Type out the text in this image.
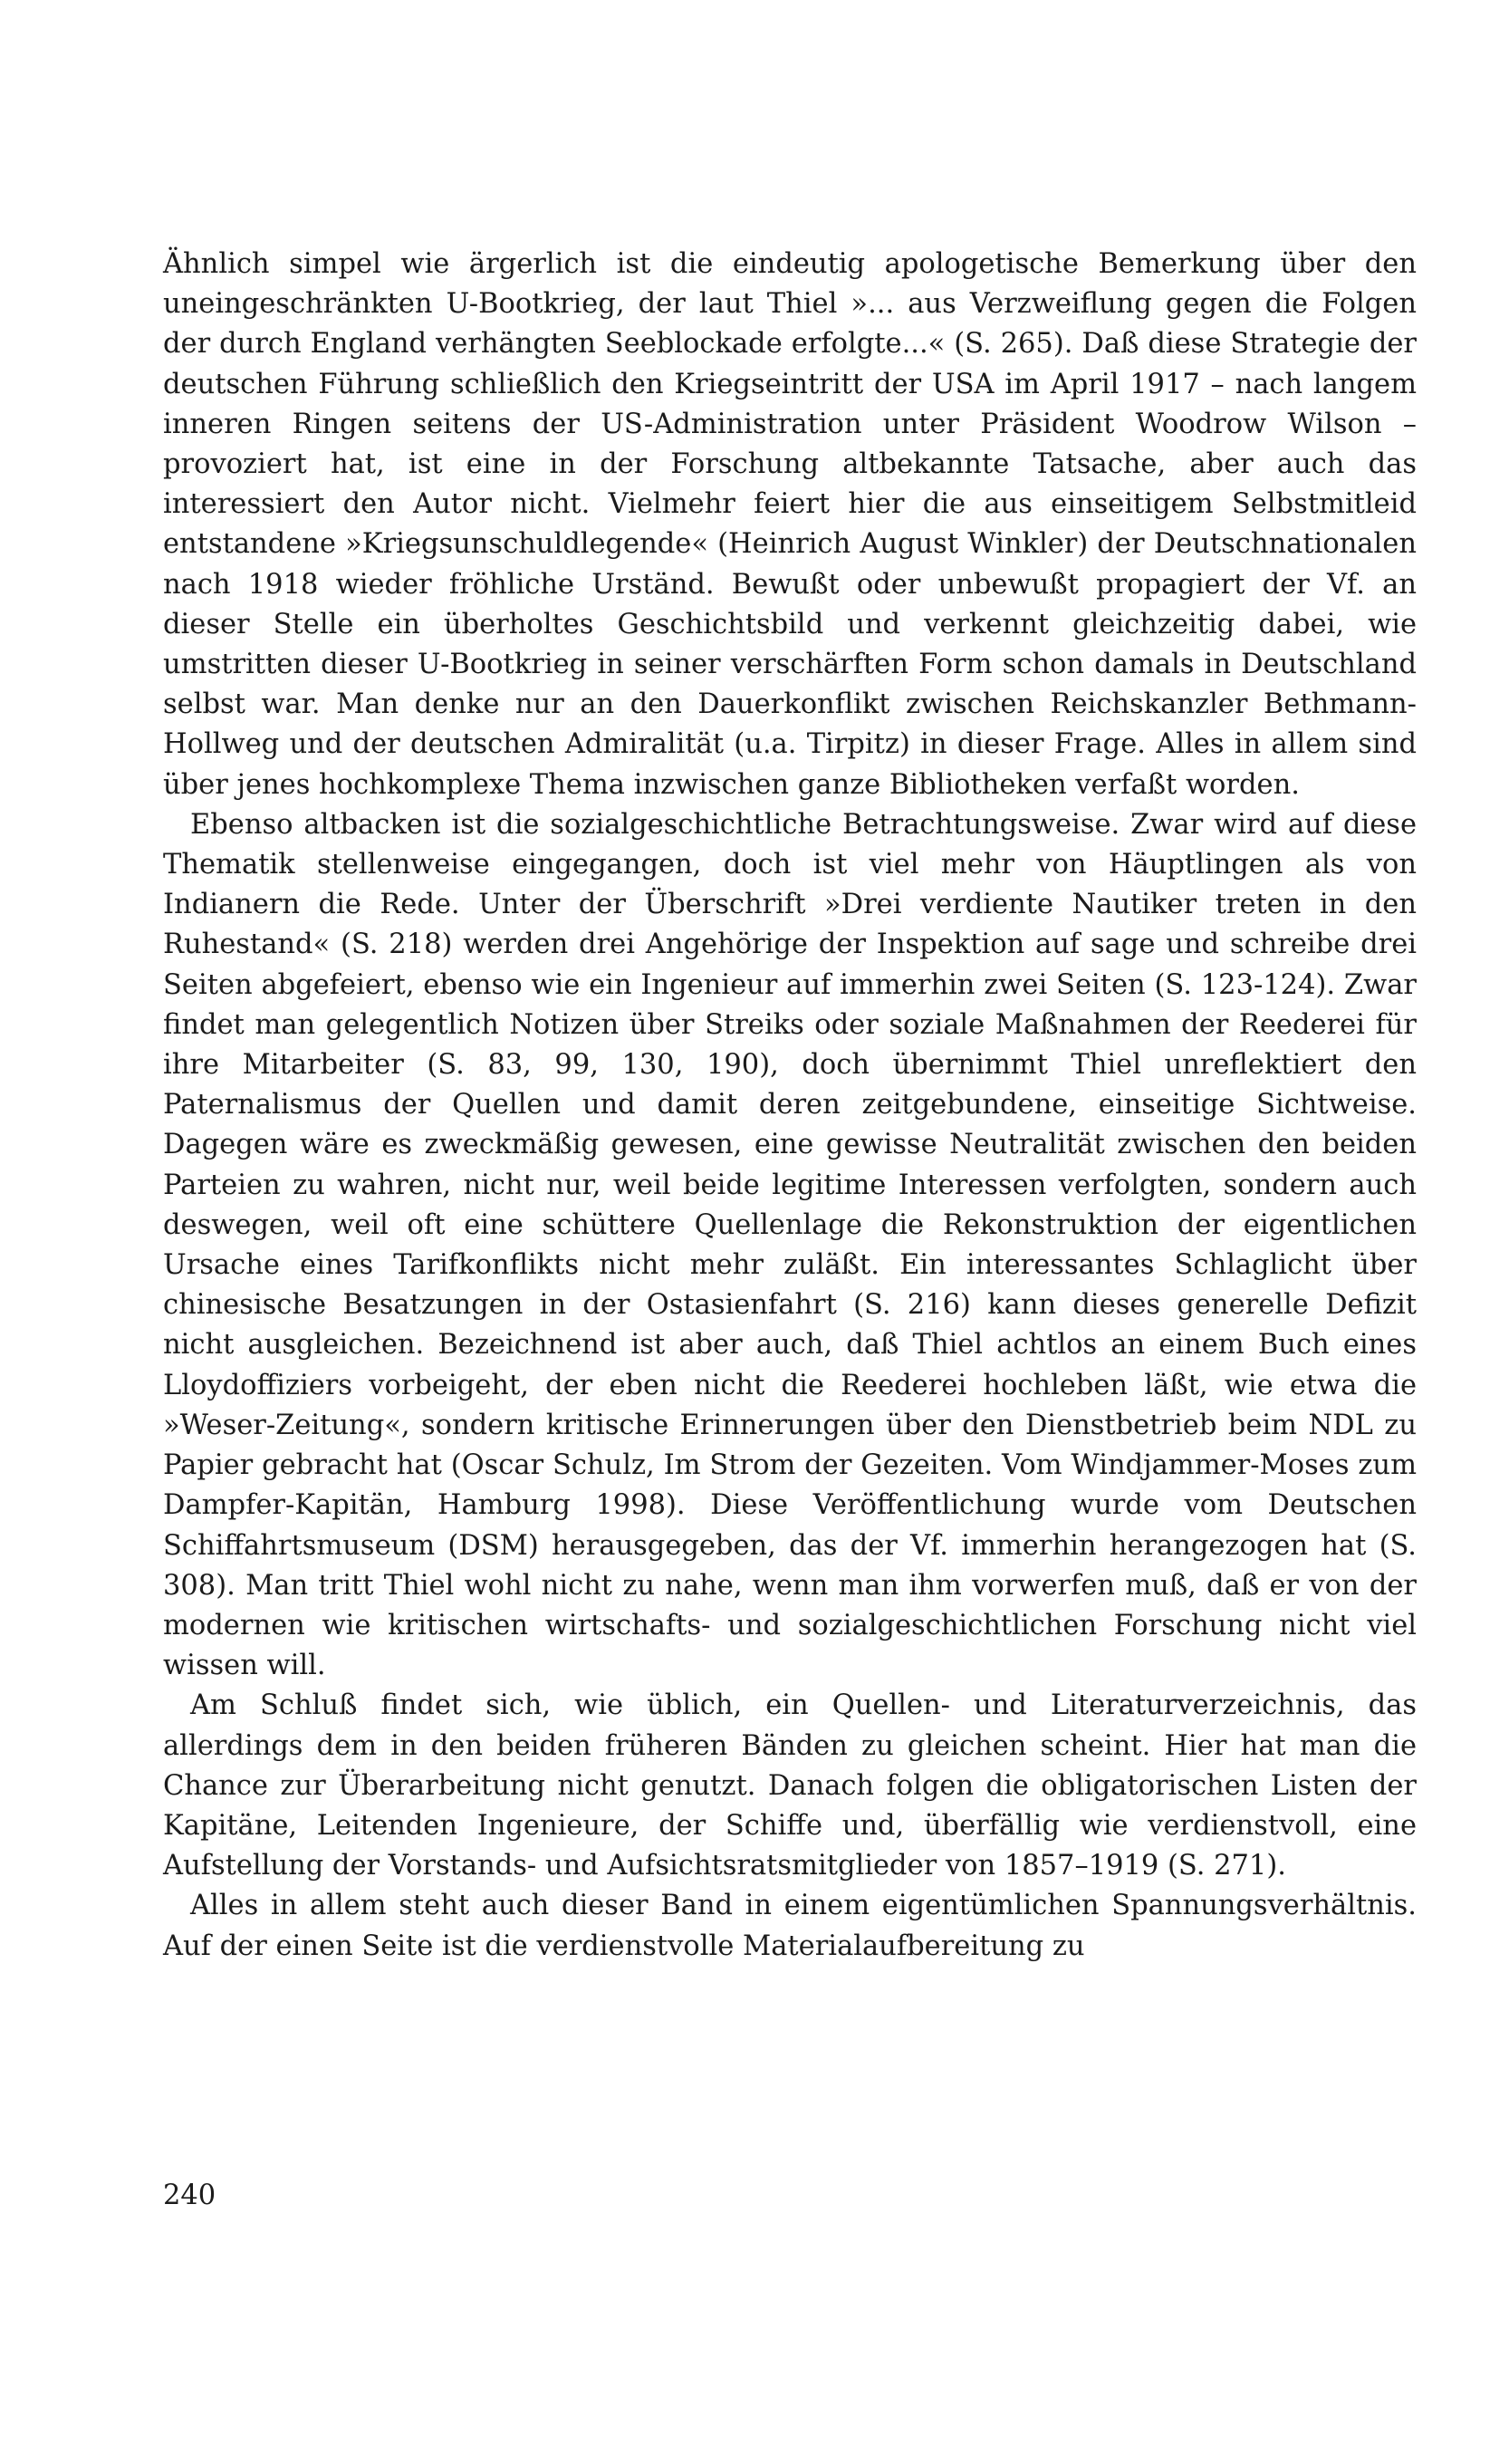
Ähnlich simpel wie ärgerlich ist die eindeutig apologetische Bemerkung über den uneingeschränkten U-Bootkrieg, der laut Thiel »... aus Verzweiflung gegen die Folgen der durch England verhängten Seeblockade erfolgte...« (S. 265). Daß diese Strategie der deutschen Führung schließlich den Kriegseintritt der USA im April 1917 – nach langem inneren Ringen seitens der US-Administration unter Präsident Woodrow Wilson – provoziert hat, ist eine in der Forschung altbekannte Tatsache, aber auch das interessiert den Autor nicht. Vielmehr feiert hier die aus einseitigem Selbstmitleid entstandene »Kriegsunschuldlegende« (Heinrich August Winkler) der Deutschnationalen nach 1918 wieder fröhliche Urständ. Bewußt oder unbewußt propagiert der Vf. an dieser Stelle ein überholtes Geschichtsbild und verkennt gleichzeitig dabei, wie umstritten dieser U-Bootkrieg in seiner verschärften Form schon damals in Deutschland selbst war. Man denke nur an den Dauerkonflikt zwischen Reichskanzler Bethmann-Hollweg und der deutschen Admiralität (u.a. Tirpitz) in dieser Frage. Alles in allem sind über jenes hochkomplexe Thema inzwischen ganze Bibliotheken verfaßt worden.

Ebenso altbacken ist die sozialgeschichtliche Betrachtungsweise. Zwar wird auf diese Thematik stellenweise eingegangen, doch ist viel mehr von Häuptlingen als von Indianern die Rede. Unter der Überschrift »Drei verdiente Nautiker treten in den Ruhestand« (S. 218) werden drei Angehörige der Inspektion auf sage und schreibe drei Seiten abgefeiert, ebenso wie ein Ingenieur auf immerhin zwei Seiten (S. 123-124). Zwar findet man gelegentlich Notizen über Streiks oder soziale Maßnahmen der Reederei für ihre Mitarbeiter (S. 83, 99, 130, 190), doch übernimmt Thiel unreflektiert den Paternalismus der Quellen und damit deren zeitgebundene, einseitige Sichtweise. Dagegen wäre es zweckmäßig gewesen, eine gewisse Neutralität zwischen den beiden Parteien zu wahren, nicht nur, weil beide legitime Interessen verfolgten, sondern auch deswegen, weil oft eine schüttere Quellenlage die Rekonstruktion der eigentlichen Ursache eines Tarifkonflikts nicht mehr zuläßt. Ein interessantes Schlaglicht über chinesische Besatzungen in der Ostasienfahrt (S. 216) kann dieses generelle Defizit nicht ausgleichen. Bezeichnend ist aber auch, daß Thiel achtlos an einem Buch eines Lloydoffiziers vorbeigeht, der eben nicht die Reederei hochleben läßt, wie etwa die »Weser-Zeitung«, sondern kritische Erinnerungen über den Dienstbetrieb beim NDL zu Papier gebracht hat (Oscar Schulz, Im Strom der Gezeiten. Vom Windjammer-Moses zum Dampfer-Kapitän, Hamburg 1998). Diese Veröffentlichung wurde vom Deutschen Schiffahrtsmuseum (DSM) herausgegeben, das der Vf. immerhin herangezogen hat (S. 308). Man tritt Thiel wohl nicht zu nahe, wenn man ihm vorwerfen muß, daß er von der modernen wie kritischen wirtschafts- und sozialgeschichtlichen Forschung nicht viel wissen will.

Am Schluß findet sich, wie üblich, ein Quellen- und Literaturverzeichnis, das allerdings dem in den beiden früheren Bänden zu gleichen scheint. Hier hat man die Chance zur Überarbeitung nicht genutzt. Danach folgen die obligatorischen Listen der Kapitäne, Leitenden Ingenieure, der Schiffe und, überfällig wie verdienstvoll, eine Aufstellung der Vorstands- und Aufsichtsratsmitglieder von 1857–1919 (S. 271).

Alles in allem steht auch dieser Band in einem eigentümlichen Spannungsverhältnis. Auf der einen Seite ist die verdienstvolle Materialaufbereitung zu

240
